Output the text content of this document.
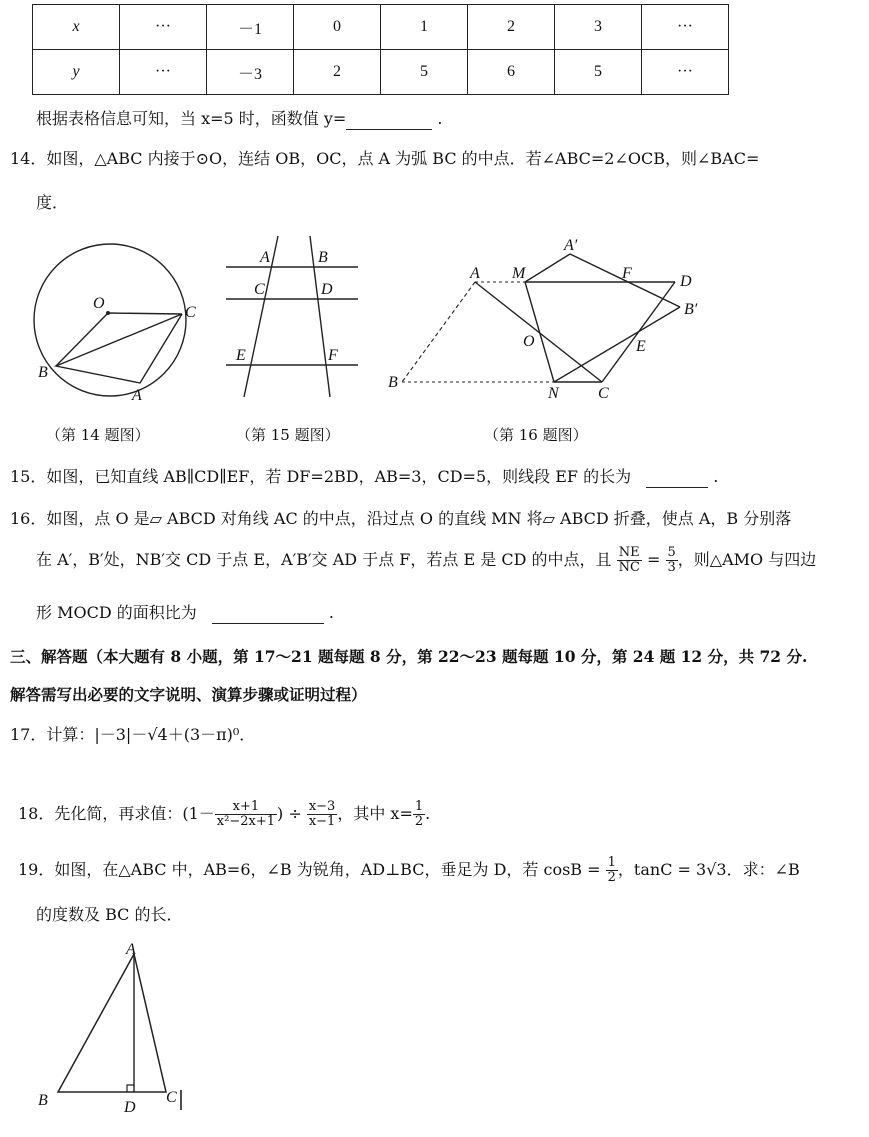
x	···	－1	0	1	2	3	···
y	···	－3	2	5	6	5	···
根据表格信息可知，当 x=5 时，函数值 y=	.
14．如图，△ABC 内接于⊙O，连结 OB，OC，点 A 为弧 BC 的中点．若∠ABC=2∠OCB，则∠BAC=
度．
O
C
B
A
（第 14 题图）
A	B
C	D
E	F
（第 15 题图）
A M
A′
F	D
B′
O	E
B
N C
（第 16 题图）
15．如图，已知直线 AB∥CD∥EF，若 DF=2BD，AB=3，CD=5，则线段 EF 的长为	.
16．如图，点 O 是▱ ABCD 对角线 AC 的中点，沿过点 O 的直线 MN 将▱ ABCD 折叠，使点 A，B 分别落
在 A′，B′处，NB′交 CD 于点 E，A′B′交 AD 于点 F，若点 E 是 CD 的中点，且 $\frac{NE}{NC} = \frac{5}{3}$ ，则△AMO 与四边
形 MOCD 的面积比为	.
三、解答题（本大题有 8 小题，第 17～21 题每题 8 分，第 22～23 题每题 10 分，第 24 题 12 分，共 72 分.
解答需写出必要的文字说明、演算步骤或证明过程）
17．计算：|－3|－√4＋(3－π)⁰．
18．先化简，再求值：($1- \frac{x+1}{\text{x²−2x+1}}$ ) ÷ $\frac{x-3}{x-1}$ ，其中 $x= \frac{1}{2}$ .
19．如图，在△ABC 中，AB=6，∠B 为锐角，AD⊥BC，垂足为 D，若 $\cos B = \frac{1}{2}$ ，tanC = 3√3．求：∠B
的度数及 BC 的长．
A
B	D
C
